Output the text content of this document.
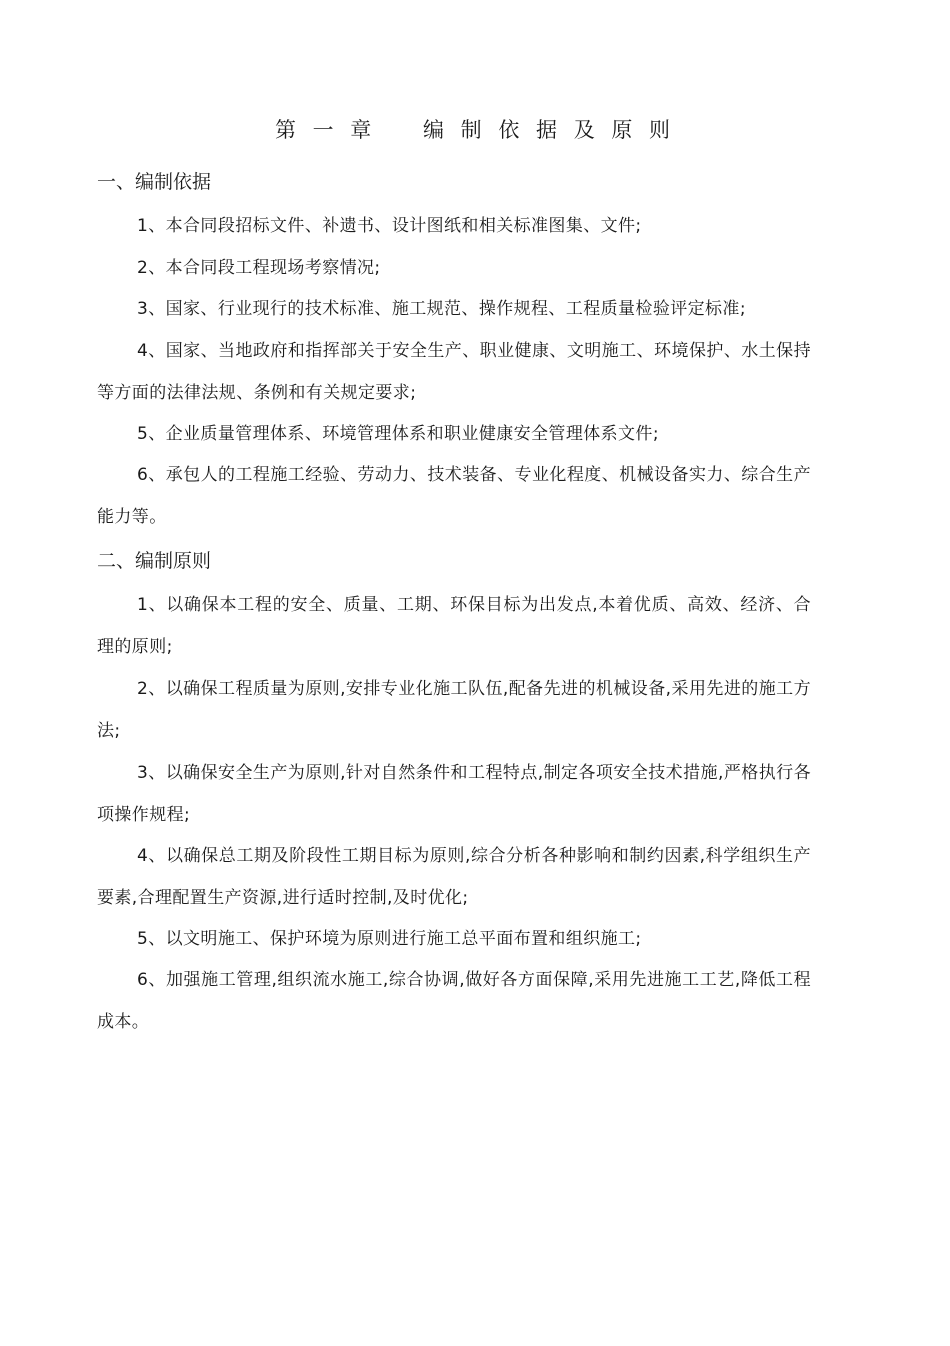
第 一 章    编 制 依 据 及 原 则
一、编制依据
1、本合同段招标文件、补遗书、设计图纸和相关标准图集、文件;
2、本合同段工程现场考察情况;
3、国家、行业现行的技术标准、施工规范、操作规程、工程质量检验评定标准;
4、国家、当地政府和指挥部关于安全生产、职业健康、文明施工、环境保护、水土保持等方面的法律法规、条例和有关规定要求;
5、企业质量管理体系、环境管理体系和职业健康安全管理体系文件;
6、承包人的工程施工经验、劳动力、技术装备、专业化程度、机械设备实力、综合生产能力等。
二、编制原则
1、以确保本工程的安全、质量、工期、环保目标为出发点,本着优质、高效、经济、合理的原则;
2、以确保工程质量为原则,安排专业化施工队伍,配备先进的机械设备,采用先进的施工方法;
3、以确保安全生产为原则,针对自然条件和工程特点,制定各项安全技术措施,严格执行各项操作规程;
4、以确保总工期及阶段性工期目标为原则,综合分析各种影响和制约因素,科学组织生产要素,合理配置生产资源,进行适时控制,及时优化;
5、以文明施工、保护环境为原则进行施工总平面布置和组织施工;
6、加强施工管理,组织流水施工,综合协调,做好各方面保障,采用先进施工工艺,降低工程成本。
